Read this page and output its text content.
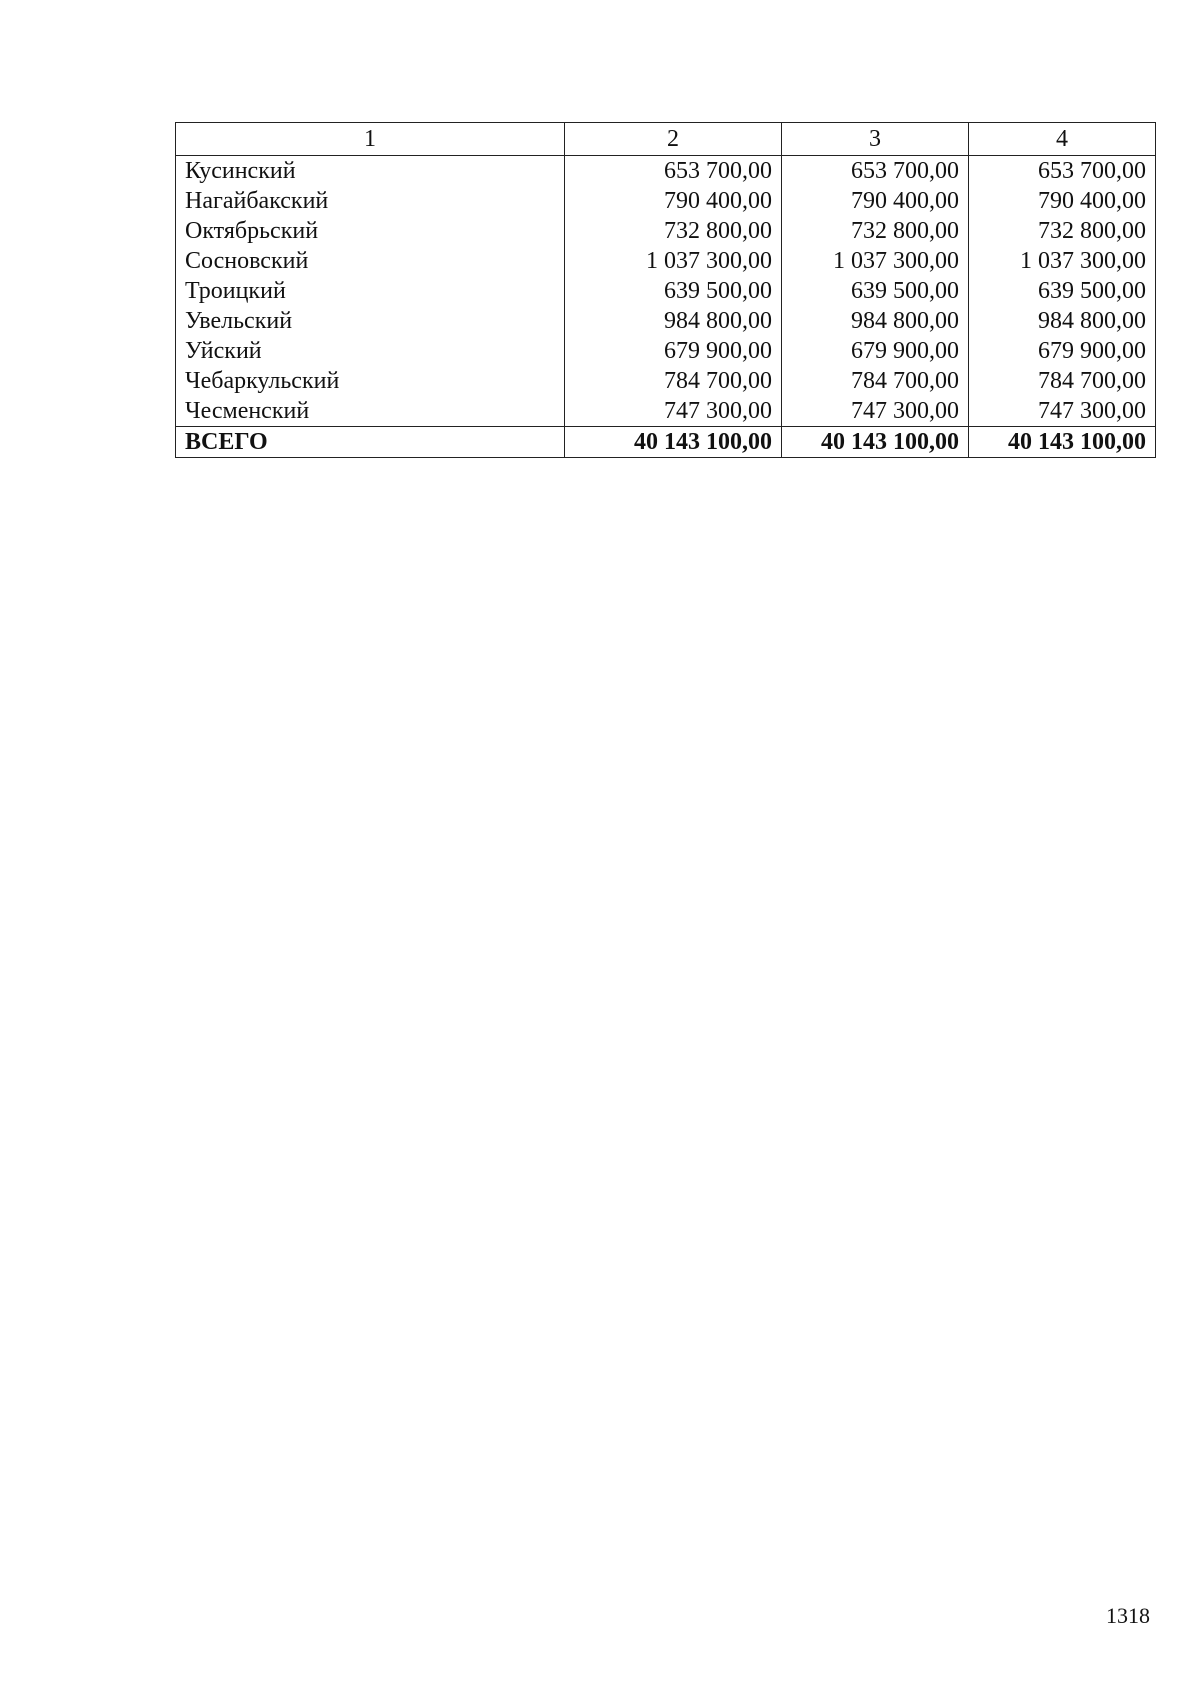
1	2	3	4
Кусинский	653 700,00	653 700,00	653 700,00
Нагайбакский	790 400,00	790 400,00	790 400,00
Октябрьский	732 800,00	732 800,00	732 800,00
Сосновский	1 037 300,00	1 037 300,00	1 037 300,00
Троицкий	639 500,00	639 500,00	639 500,00
Увельский	984 800,00	984 800,00	984 800,00
Уйский	679 900,00	679 900,00	679 900,00
Чебаркульский	784 700,00	784 700,00	784 700,00
Чесменский	747 300,00	747 300,00	747 300,00
ВСЕГО	40 143 100,00	40 143 100,00	40 143 100,00
1318
